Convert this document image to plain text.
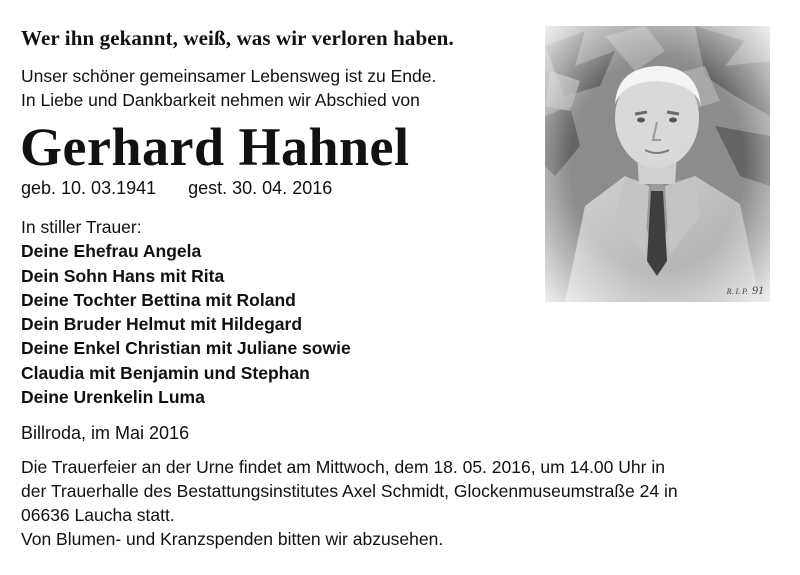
Wer ihn gekannt, weiß, was wir verloren haben.
Unser schöner gemeinsamer Lebensweg ist zu Ende.
In Liebe und Dankbarkeit nehmen wir Abschied von
Gerhard Hahnel
geb. 10. 03.1941 gest. 30. 04. 2016
In stiller Trauer:
Deine Ehefrau Angela
Dein Sohn Hans mit Rita
Deine Tochter Bettina mit Roland
Dein Bruder Helmut mit Hildegard
Deine Enkel Christian mit Juliane sowie
Claudia mit Benjamin und Stephan
Deine Urenkelin Luma
Billroda, im Mai 2016
Die Trauerfeier an der Urne findet am Mittwoch, dem 18. 05. 2016, um 14.00 Uhr in
der Trauerhalle des Bestattungsinstitutes Axel Schmidt, Glockenmuseumstraße 24 in
06636 Laucha statt.
Von Blumen- und Kranzspenden bitten wir abzusehen.
R. I. P. 91
